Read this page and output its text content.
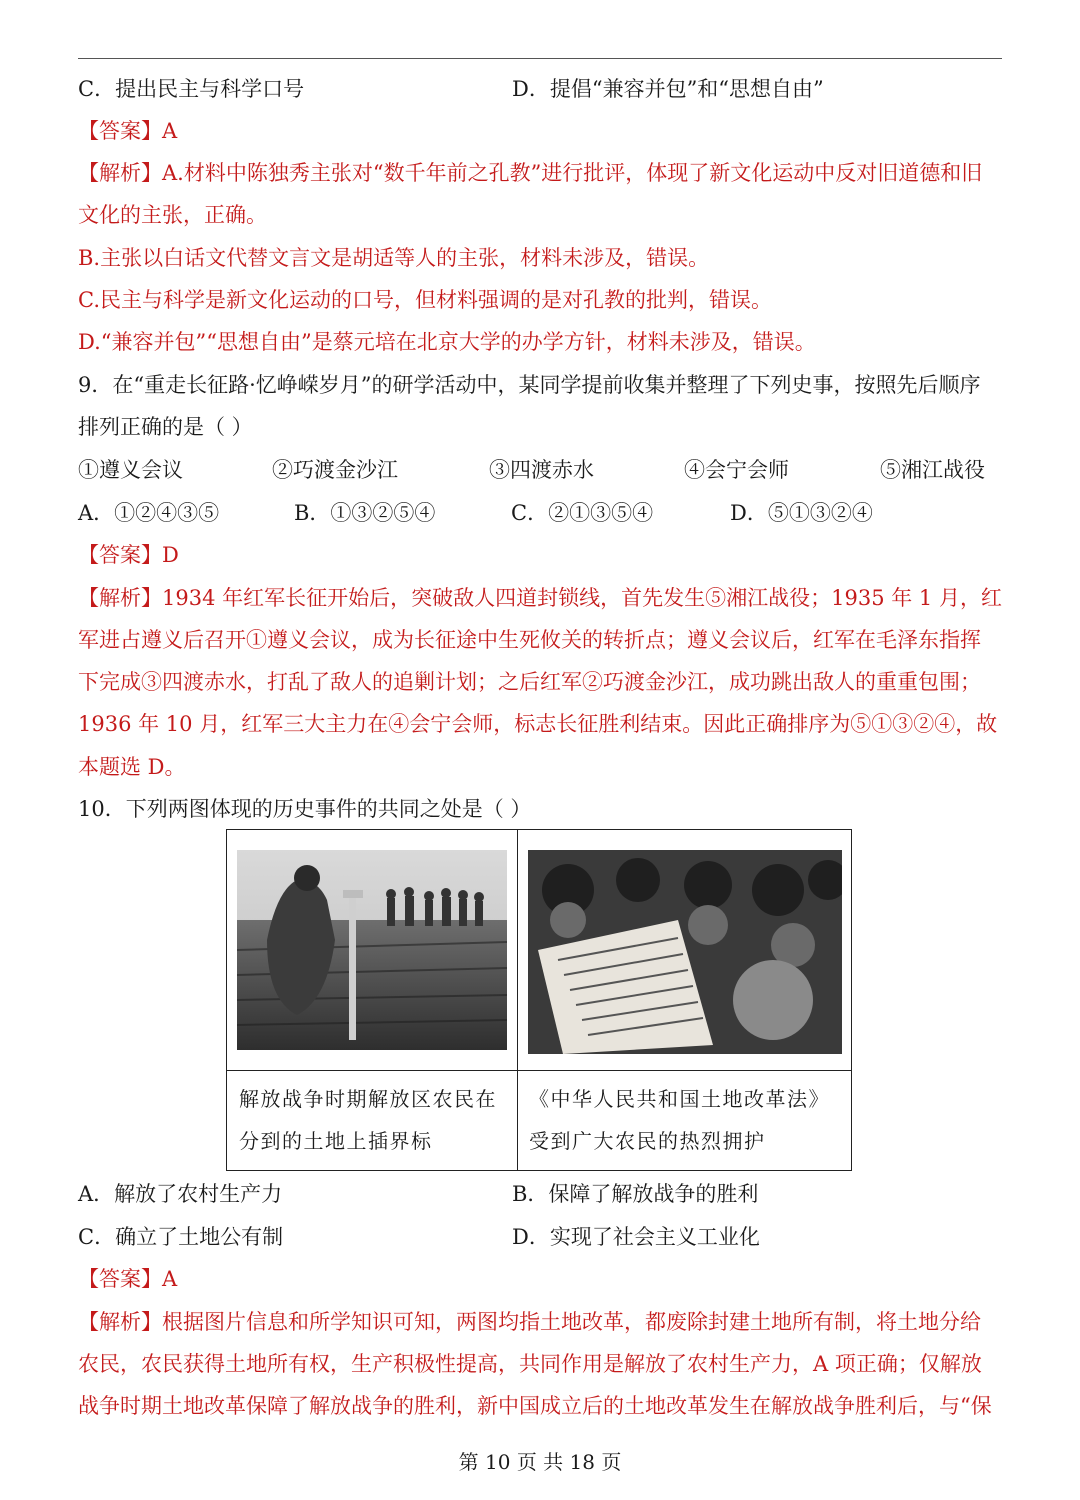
C．提出民主与科学口号	D．提倡“兼容并包”和“思想自由”
【答案】A
【解析】A.材料中陈独秀主张对“数千年前之孔教”进行批评，体现了新文化运动中反对旧道德和旧
文化的主张，正确。
B.主张以白话文代替文言文是胡适等人的主张，材料未涉及，错误。
C.民主与科学是新文化运动的口号，但材料强调的是对孔教的批判，错误。
D.“兼容并包”“思想自由”是蔡元培在北京大学的办学方针，材料未涉及，错误。
9．在“重走长征路·忆峥嵘岁月”的研学活动中，某同学提前收集并整理了下列史事，按照先后顺序
排列正确的是（ ）
①遵义会议	②巧渡金沙江	③四渡赤水	④会宁会师	⑤湘江战役
A．①②④③⑤	B．①③②⑤④	C．②①③⑤④	D．⑤①③②④
【答案】D
【解析】1934 年红军长征开始后，突破敌人四道封锁线，首先发生⑤湘江战役；1935 年 1 月，红
军进占遵义后召开①遵义会议，成为长征途中生死攸关的转折点；遵义会议后，红军在毛泽东指挥
下完成③四渡赤水，打乱了敌人的追剿计划；之后红军②巧渡金沙江，成功跳出敌人的重重包围；
1936 年 10 月，红军三大主力在④会宁会师，标志长征胜利结束。因此正确排序为⑤①③②④，故
本题选 D。
10．下列两图体现的历史事件的共同之处是（ ）
解放战争时期解放区农民在
分到的土地上插界标
《中华人民共和国土地改革法》
受到广大农民的热烈拥护
A．解放了农村生产力	B．保障了解放战争的胜利
C．确立了土地公有制	D．实现了社会主义工业化
【答案】A
【解析】根据图片信息和所学知识可知，两图均指土地改革，都废除封建土地所有制，将土地分给
农民，农民获得土地所有权，生产积极性提高，共同作用是解放了农村生产力，A 项正确；仅解放
战争时期土地改革保障了解放战争的胜利，新中国成立后的土地改革发生在解放战争胜利后，与“保
第 10 页 共 18 页
